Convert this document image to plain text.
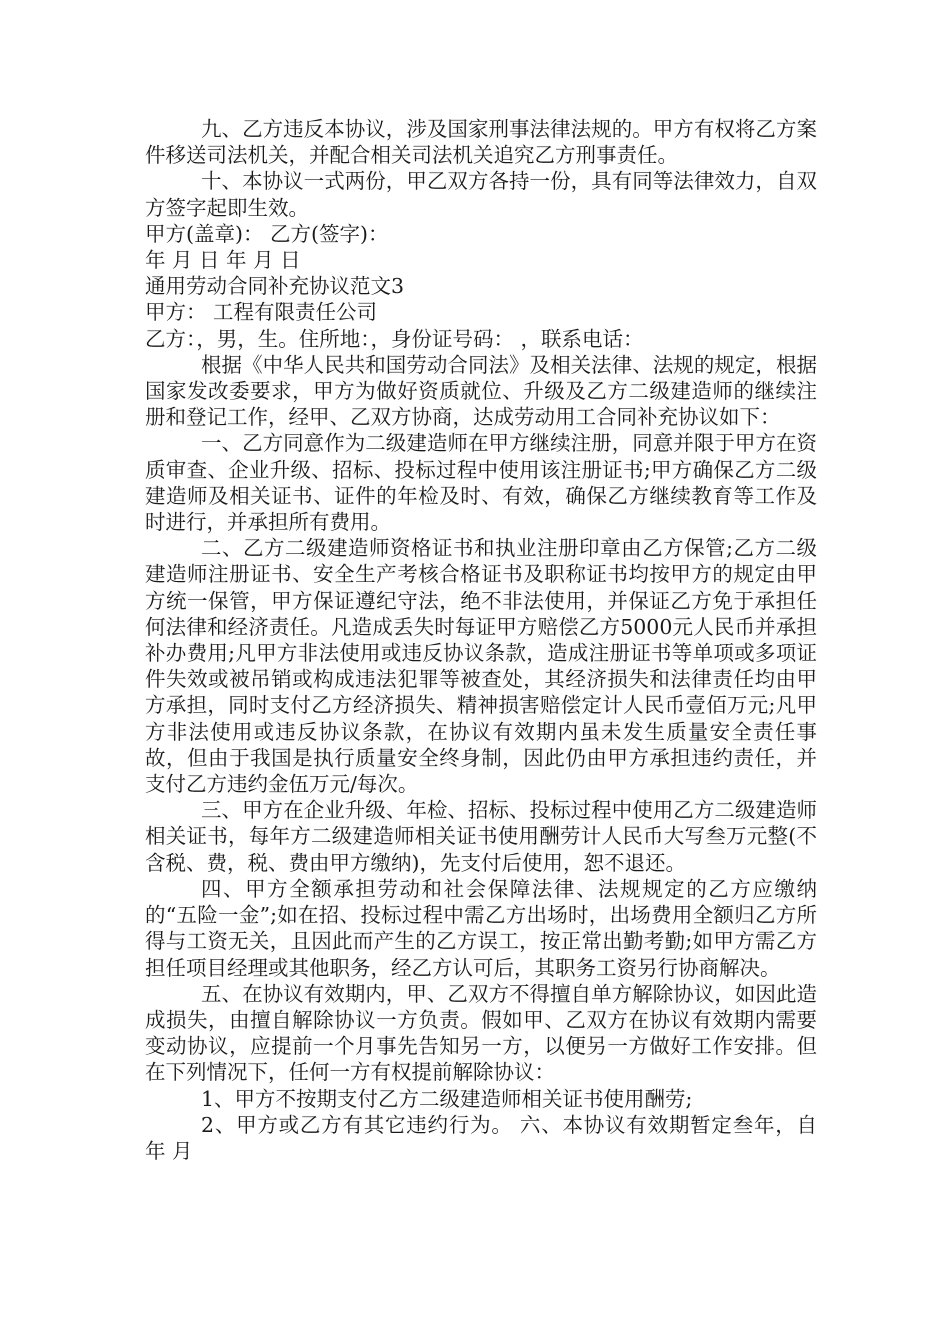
九、乙方违反本协议，涉及国家刑事法律法规的。甲方有权将乙方案件移送司法机关，并配合相关司法机关追究乙方刑事责任。

十、本协议一式两份，甲乙双方各持一份，具有同等法律效力，自双方签字起即生效。

甲方(盖章)： 乙方(签字)：

年 月 日 年 月 日

通用劳动合同补充协议范文3

甲方： 工程有限责任公司

乙方：，男，生。住所地：，身份证号码： ，联系电话：

根据《中华人民共和国劳动合同法》及相关法律、法规的规定，根据国家发改委要求，甲方为做好资质就位、升级及乙方二级建造师的继续注册和登记工作，经甲、乙双方协商，达成劳动用工合同补充协议如下：

一、乙方同意作为二级建造师在甲方继续注册，同意并限于甲方在资质审查、企业升级、招标、投标过程中使用该注册证书;甲方确保乙方二级建造师及相关证书、证件的年检及时、有效，确保乙方继续教育等工作及时进行，并承担所有费用。

二、乙方二级建造师资格证书和执业注册印章由乙方保管;乙方二级建造师注册证书、安全生产考核合格证书及职称证书均按甲方的规定由甲方统一保管，甲方保证遵纪守法，绝不非法使用，并保证乙方免于承担任何法律和经济责任。凡造成丢失时每证甲方赔偿乙方5000元人民币并承担补办费用;凡甲方非法使用或违反协议条款，造成注册证书等单项或多项证件失效或被吊销或构成违法犯罪等被查处，其经济损失和法律责任均由甲方承担，同时支付乙方经济损失、精神损害赔偿定计人民币壹佰万元;凡甲方非法使用或违反协议条款，在协议有效期内虽未发生质量安全责任事故，但由于我国是执行质量安全终身制，因此仍由甲方承担违约责任，并支付乙方违约金伍万元/每次。

三、甲方在企业升级、年检、招标、投标过程中使用乙方二级建造师相关证书，每年方二级建造师相关证书使用酬劳计人民币大写叁万元整(不含税、费，税、费由甲方缴纳)，先支付后使用，恕不退还。

四、甲方全额承担劳动和社会保障法律、法规规定的乙方应缴纳的“五险一金”;如在招、投标过程中需乙方出场时，出场费用全额归乙方所得与工资无关，且因此而产生的乙方误工，按正常出勤考勤;如甲方需乙方担任项目经理或其他职务，经乙方认可后，其职务工资另行协商解决。

五、在协议有效期内，甲、乙双方不得擅自单方解除协议，如因此造成损失，由擅自解除协议一方负责。假如甲、乙双方在协议有效期内需要变动协议，应提前一个月事先告知另一方，以便另一方做好工作安排。但在下列情况下，任何一方有权提前解除协议：

1、甲方不按期支付乙方二级建造师相关证书使用酬劳;

2、甲方或乙方有其它违约行为。 六、本协议有效期暂定叁年，自 年 月
